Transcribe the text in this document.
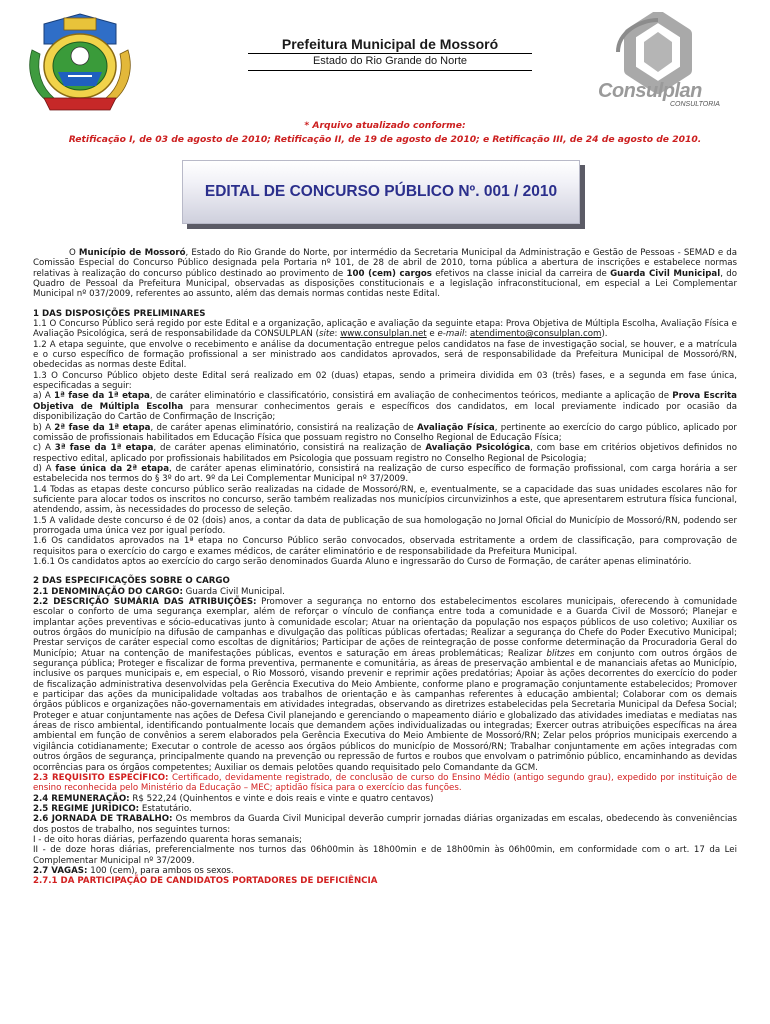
Prefeitura Municipal de Mossoró
Estado do Rio Grande do Norte
Consulplan
CONSULTORIA
* Arquivo atualizado conforme:
Retificação I, de 03 de agosto de 2010; Retificação II, de 19 de agosto de 2010; e Retificação III, de 24 de agosto de 2010.
EDITAL DE CONCURSO PÚBLICO Nº. 001 / 2010

O Município de Mossoró, Estado do Rio Grande do Norte, por intermédio da Secretaria Municipal da Administração e Gestão de Pessoas - SEMAD e da Comissão Especial do Concurso Público designada pela Portaria nº 101, de 28 de abril de 2010, torna pública a abertura de inscrições e estabelece normas relativas à realização do concurso público destinado ao provimento de 100 (cem) cargos efetivos na classe inicial da carreira de Guarda Civil Municipal, do Quadro de Pessoal da Prefeitura Municipal, observadas as disposições constitucionais e a legislação infraconstitucional, em especial a Lei Complementar Municipal nº 037/2009, referentes ao assunto, além das demais normas contidas neste Edital.

1 DAS DISPOSIÇÕES PRELIMINARES

1.1 O Concurso Público será regido por este Edital e a organização, aplicação e avaliação da seguinte etapa: Prova Objetiva de Múltipla Escolha, Avaliação Física e Avaliação Psicológica, será de responsabilidade da CONSULPLAN (site: www.consulplan.net e e-mail: atendimento@consulplan.com).

1.2 A etapa seguinte, que envolve o recebimento e análise da documentação entregue pelos candidatos na fase de investigação social, se houver, e a matrícula e o curso específico de formação profissional a ser ministrado aos candidatos aprovados, será de responsabilidade da Prefeitura Municipal de Mossoró/RN, obedecidas as normas deste Edital.

1.3 O Concurso Público objeto deste Edital será realizado em 02 (duas) etapas, sendo a primeira dividida em 03 (três) fases, e a segunda em fase única, especificadas a seguir:

a) A 1ª fase da 1ª etapa, de caráter eliminatório e classificatório, consistirá em avaliação de conhecimentos teóricos, mediante a aplicação de Prova Escrita Objetiva de Múltipla Escolha para mensurar conhecimentos gerais e específicos dos candidatos, em local previamente indicado por ocasião da disponibilização do Cartão de Confirmação de Inscrição;

b) A 2ª fase da 1ª etapa, de caráter apenas eliminatório, consistirá na realização de Avaliação Física, pertinente ao exercício do cargo público, aplicado por comissão de profissionais habilitados em Educação Física que possuam registro no Conselho Regional de Educação Física;

c) A 3ª fase da 1ª etapa, de caráter apenas eliminatório, consistirá na realização de Avaliação Psicológica, com base em critérios objetivos definidos no respectivo edital, aplicado por profissionais habilitados em Psicologia que possuam registro no Conselho Regional de Psicologia;

d) A fase única da 2ª etapa, de caráter apenas eliminatório, consistirá na realização de curso específico de formação profissional, com carga horária a ser estabelecida nos termos do § 3º do art. 9º da Lei Complementar Municipal nº 37/2009.

1.4 Todas as etapas deste concurso público serão realizadas na cidade de Mossoró/RN, e, eventualmente, se a capacidade das suas unidades escolares não for suficiente para alocar todos os inscritos no concurso, serão também realizadas nos municípios circunvizinhos a este, que apresentarem estrutura física funcional, atendendo, assim, às necessidades do processo de seleção.

1.5 A validade deste concurso é de 02 (dois) anos, a contar da data de publicação de sua homologação no Jornal Oficial do Município de Mossoró/RN, podendo ser prorrogada uma única vez por igual período.

1.6 Os candidatos aprovados na 1ª etapa no Concurso Público serão convocados, observada estritamente a ordem de classificação, para comprovação de requisitos para o exercício do cargo e exames médicos, de caráter eliminatório e de responsabilidade da Prefeitura Municipal.

1.6.1 Os candidatos aptos ao exercício do cargo serão denominados Guarda Aluno e ingressarão do Curso de Formação, de caráter apenas eliminatório.

2 DAS ESPECIFICAÇÕES SOBRE O CARGO

2.1 DENOMINAÇÃO DO CARGO: Guarda Civil Municipal.

2.2 DESCRIÇÃO SUMÁRIA DAS ATRIBUIÇÕES: Promover a segurança no entorno dos estabelecimentos escolares municipais, oferecendo à comunidade escolar o conforto de uma segurança exemplar, além de reforçar o vínculo de confiança entre toda a comunidade e a Guarda Civil de Mossoró; Planejar e implantar ações preventivas e sócio-educativas junto à comunidade escolar; Atuar na orientação da população nos espaços públicos de uso coletivo; Auxiliar os outros órgãos do município na difusão de campanhas e divulgação das políticas públicas ofertadas; Realizar a segurança do Chefe do Poder Executivo Municipal; Prestar serviços de caráter especial como escoltas de dignitários; Participar de ações de reintegração de posse conforme determinação da Procuradoria Geral do Município; Atuar na contenção de manifestações públicas, eventos e saturação em áreas problemáticas; Realizar blitzes em conjunto com outros órgãos de segurança pública; Proteger e fiscalizar de forma preventiva, permanente e comunitária, as áreas de preservação ambiental e de mananciais afetas ao Município, inclusive os parques municipais e, em especial, o Rio Mossoró, visando prevenir e reprimir ações predatórias; Apoiar às ações decorrentes do exercício do poder de fiscalização administrativa desenvolvidas pela Gerência Executiva do Meio Ambiente, conforme plano e programação conjuntamente estabelecidos; Promover e participar das ações da municipalidade voltadas aos trabalhos de orientação e às campanhas referentes à educação ambiental; Colaborar com os demais órgãos públicos e organizações não-governamentais em atividades integradas, observando as diretrizes estabelecidas pela Secretaria Municipal da Defesa Social; Proteger e atuar conjuntamente nas ações de Defesa Civil planejando e gerenciando o mapeamento diário e globalizado das atividades imediatas e mediatas nas áreas de risco ambiental, identificando pontualmente locais que demandem ações individualizadas ou integradas; Exercer outras atribuições específicas na área ambiental em função de convênios a serem elaborados pela Gerência Executiva do Meio Ambiente de Mossoró/RN; Zelar pelos próprios municipais exercendo a vigilância cotidianamente; Executar o controle de acesso aos órgãos públicos do município de Mossoró/RN; Trabalhar conjuntamente em ações integradas com outros órgãos de segurança, principalmente quando na prevenção ou repressão de furtos e roubos que envolvam o patrimônio público, encaminhando as devidas ocorrências para os órgãos competentes; Auxiliar os demais pelotões quando requisitado pelo Comandante da GCM.

2.3 REQUISITO ESPECÍFICO: Certificado, devidamente registrado, de conclusão de curso do Ensino Médio (antigo segundo grau), expedido por instituição de ensino reconhecida pelo Ministério da Educação – MEC; aptidão física para o exercício das funções.

2.4 REMUNERAÇÃO: R$ 522,24 (Quinhentos e vinte e dois reais e vinte e quatro centavos)

2.5 REGIME JURÍDICO: Estatutário.

2.6 JORNADA DE TRABALHO: Os membros da Guarda Civil Municipal deverão cumprir jornadas diárias organizadas em escalas, obedecendo às conveniências dos postos de trabalho, nos seguintes turnos:

I - de oito horas diárias, perfazendo quarenta horas semanais;

II - de doze horas diárias, preferencialmente nos turnos das 06h00min às 18h00min e de 18h00min às 06h00min, em conformidade com o art. 17 da Lei Complementar Municipal nº 37/2009.

2.7 VAGAS: 100 (cem), para ambos os sexos.

2.7.1 DA PARTICIPAÇÃO DE CANDIDATOS PORTADORES DE DEFICIÊNCIA
